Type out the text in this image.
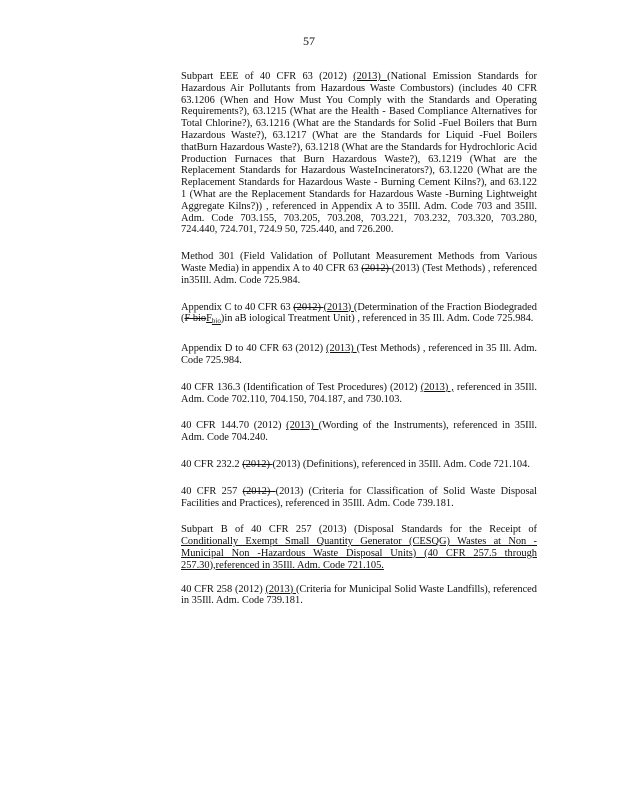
57

Subpart EEE of 40 CFR 63 (2012) (2013) (National Emission Standards for Hazardous Air Pollutants from Hazardous Waste Combustors) (includes 40 CFR 63.1206 (When and How Must You Comply with the Standards and Operating Requirements?), 63.1215 (What are the Health - Based Compliance Alternatives for Total Chlorine?), 63.1216 (What are the Standards for Solid -Fuel Boilers that Burn Hazardous Waste?), 63.1217 (What are the Standards for Liquid -Fuel Boilers thatBurn Hazardous Waste?), 63.1218 (What are the Standards for Hydrochloric Acid Production Furnaces that Burn Hazardous Waste?), 63.1219 (What are the Replacement Standards for Hazardous WasteIncinerators?), 63.1220 (What are the Replacement Standards for Hazardous Waste - Burning Cement Kilns?), and 63.122 1 (What are the Replacement Standards for Hazardous Waste -Burning Lightweight Aggregate Kilns?)) , referenced in Appendix A to 35Ill. Adm. Code 703 and 35Ill. Adm. Code 703.155, 703.205, 703.208, 703.221, 703.232, 703.320, 703.280, 724.440, 724.701, 724.9 50, 725.440, and 726.200.

Method 301 (Field Validation of Pollutant Measurement Methods from Various Waste Media) in appendix A to 40 CFR 63 (2012) (2013) (Test Methods) , referenced in35Ill. Adm. Code 725.984.

Appendix C to 40 CFR 63 (2012) (2013) (Determination of the Fraction Biodegraded (F bioF$_{bio}$)in aB iological Treatment Unit) , referenced in 35 Ill. Adm. Code 725.984.

Appendix D to 40 CFR 63 (2012) (2013) (Test Methods) , referenced in 35 Ill. Adm. Code 725.984.

40 CFR 136.3 (Identification of Test Procedures) (2012) (2013) , referenced in 35Ill. Adm. Code 702.110, 704.150, 704.187, and 730.103.

40 CFR 144.70 (2012) (2013) (Wording of the Instruments), referenced in 35Ill. Adm. Code 704.240.

40 CFR 232.2 (2012) (2013) (Definitions), referenced in 35Ill. Adm. Code 721.104.

40 CFR 257 (2012) (2013) (Criteria for Classification of Solid Waste Disposal Facilities and Practices), referenced in 35Ill. Adm. Code 739.181.

Subpart B of 40 CFR 257 (2013) (Disposal Standards for the Receipt of Conditionally Exempt Small Quantity Generator (CESQG) Wastes at Non -Municipal Non -Hazardous Waste Disposal Units) (40 CFR 257.5 through 257.30),referenced in 35Ill. Adm. Code 721.105.

40 CFR 258 (2012) (2013) (Criteria for Municipal Solid Waste Landfills), referenced in 35Ill. Adm. Code 739.181.
